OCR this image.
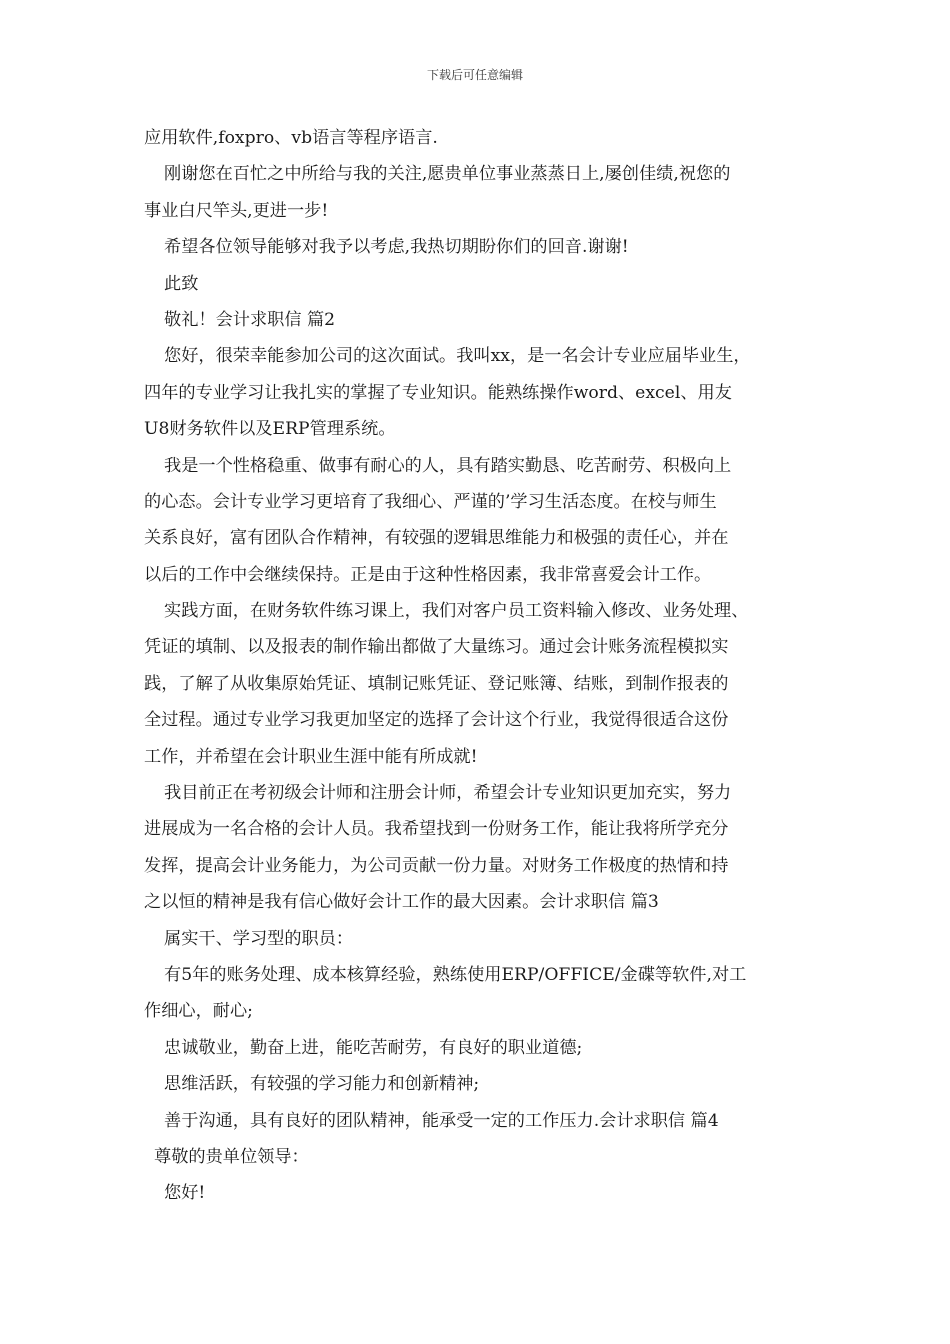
下载后可任意编辑
应用软件,foxpro、vb语言等程序语言.
刚谢您在百忙之中所给与我的关注,愿贵单位事业蒸蒸日上,屡创佳绩,祝您的
事业白尺竿头,更进一步!
希望各位领导能够对我予以考虑,我热切期盼你们的回音.谢谢!
此致
敬礼！会计求职信 篇2
您好，很荣幸能参加公司的这次面试。我叫xx，是一名会计专业应届毕业生，
四年的专业学习让我扎实的掌握了专业知识。能熟练操作word、excel、用友
U8财务软件以及ERP管理系统。
我是一个性格稳重、做事有耐心的人，具有踏实勤恳、吃苦耐劳、积极向上
的心态。会计专业学习更培育了我细心、严谨的’学习生活态度。在校与师生
关系良好，富有团队合作精神，有较强的逻辑思维能力和极强的责任心，并在
以后的工作中会继续保持。正是由于这种性格因素，我非常喜爱会计工作。
实践方面，在财务软件练习课上，我们对客户员工资料输入修改、业务处理、
凭证的填制、以及报表的制作输出都做了大量练习。通过会计账务流程模拟实
践，了解了从收集原始凭证、填制记账凭证、登记账簿、结账，到制作报表的
全过程。通过专业学习我更加坚定的选择了会计这个行业，我觉得很适合这份
工作，并希望在会计职业生涯中能有所成就!
我目前正在考初级会计师和注册会计师，希望会计专业知识更加充实，努力
进展成为一名合格的会计人员。我希望找到一份财务工作，能让我将所学充分
发挥，提高会计业务能力，为公司贡献一份力量。对财务工作极度的热情和持
之以恒的精神是我有信心做好会计工作的最大因素。会计求职信 篇3
属实干、学习型的职员：
有5年的账务处理、成本核算经验，熟练使用ERP/OFFICE/金碟等软件,对工
作细心，耐心;
忠诚敬业，勤奋上进，能吃苦耐劳，有良好的职业道德;
思维活跃，有较强的学习能力和创新精神;
善于沟通，具有良好的团队精神，能承受一定的工作压力.会计求职信 篇4
尊敬的贵单位领导：
您好!
